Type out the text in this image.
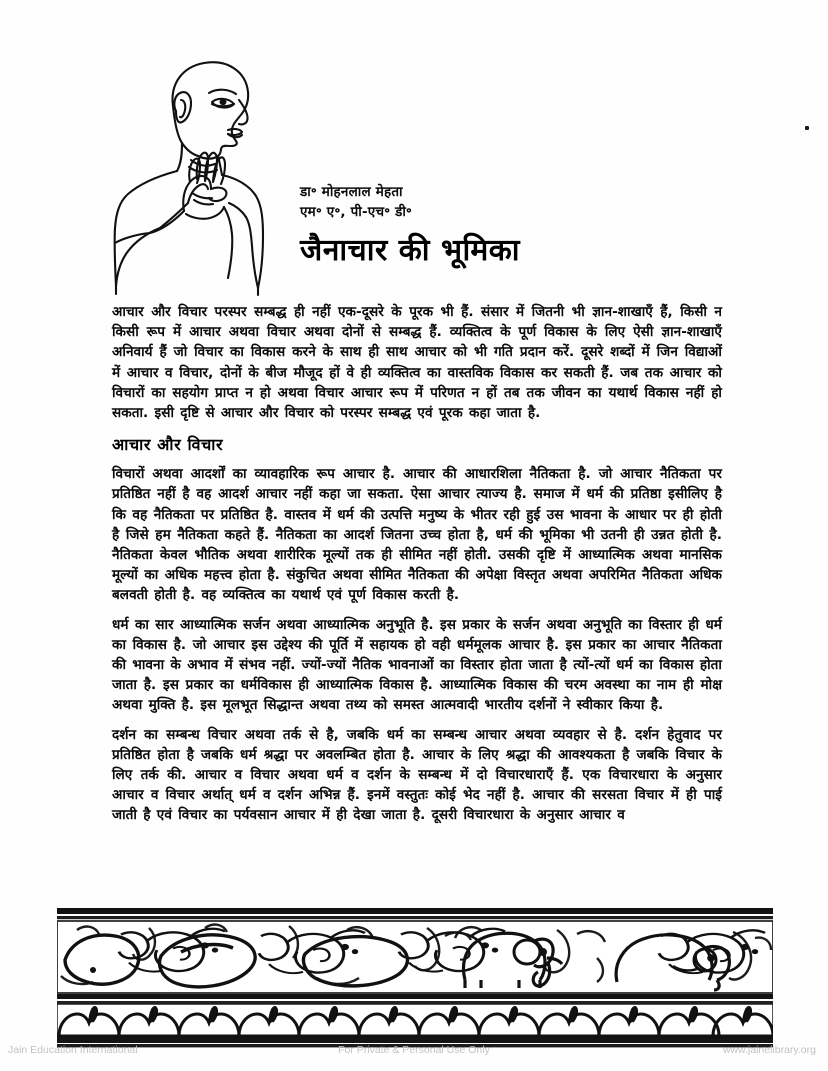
डा॰ मोहनलाल मेहता
एम॰ ए॰, पी-एच॰ डी॰
जैनाचार की भूमिका

आचार और विचार परस्पर सम्बद्ध ही नहीं एक-दूसरे के पूरक भी हैं. संसार में जितनी भी ज्ञान-शाखाएँ हैं, किसी न किसी रूप में आचार अथवा विचार अथवा दोनों से सम्बद्ध हैं. व्यक्तित्व के पूर्ण विकास के लिए ऐसी ज्ञान-शाखाएँ अनिवार्य हैं जो विचार का विकास करने के साथ ही साथ आचार को भी गति प्रदान करें. दूसरे शब्दों में जिन विद्याओं में आचार व विचार, दोनों के बीज मौजूद हों वे ही व्यक्तित्व का वास्तविक विकास कर सकती हैं. जब तक आचार को विचारों का सहयोग प्राप्त न हो अथवा विचार आचार रूप में परिणत न हों तब तक जीवन का यथार्थ विकास नहीं हो सकता. इसी दृष्टि से आचार और विचार को परस्पर सम्बद्ध एवं पूरक कहा जाता है.

आचार और विचार

विचारों अथवा आदर्शों का व्यावहारिक रूप आचार है. आचार की आधारशिला नैतिकता है. जो आचार नैतिकता पर प्रतिष्ठित नहीं है वह आदर्श आचार नहीं कहा जा सकता. ऐसा आचार त्याज्य है. समाज में धर्म की प्रतिष्ठा इसीलिए है कि वह नैतिकता पर प्रतिष्ठित है. वास्तव में धर्म की उत्पत्ति मनुष्य के भीतर रही हुई उस भावना के आधार पर ही होती है जिसे हम नैतिकता कहते हैं. नैतिकता का आदर्श जितना उच्च होता है, धर्म की भूमिका भी उतनी ही उन्नत होती है. नैतिकता केवल भौतिक अथवा शारीरिक मूल्यों तक ही सीमित नहीं होती. उसकी दृष्टि में आध्यात्मिक अथवा मानसिक मूल्यों का अधिक महत्त्व होता है. संकुचित अथवा सीमित नैतिकता की अपेक्षा विस्तृत अथवा अपरिमित नैतिकता अधिक बलवती होती है. वह व्यक्तित्व का यथार्थ एवं पूर्ण विकास करती है.

धर्म का सार आध्यात्मिक सर्जन अथवा आध्यात्मिक अनुभूति है. इस प्रकार के सर्जन अथवा अनुभूति का विस्तार ही धर्म का विकास है. जो आचार इस उद्देश्य की पूर्ति में सहायक हो वही धर्ममूलक आचार है. इस प्रकार का आचार नैतिकता की भावना के अभाव में संभव नहीं. ज्यों-ज्यों नैतिक भावनाओं का विस्तार होता जाता है त्यों-त्यों धर्म का विकास होता जाता है. इस प्रकार का धर्मविकास ही आध्यात्मिक विकास है. आध्यात्मिक विकास की चरम अवस्था का नाम ही मोक्ष अथवा मुक्ति है. इस मूलभूत सिद्धान्त अथवा तथ्य को समस्त आत्मवादी भारतीय दर्शनों ने स्वीकार किया है.

दर्शन का सम्बन्ध विचार अथवा तर्क से है, जबकि धर्म का सम्बन्ध आचार अथवा व्यवहार से है. दर्शन हेतुवाद पर प्रतिष्ठित होता है जबकि धर्म श्रद्धा पर अवलम्बित होता है. आचार के लिए श्रद्धा की आवश्यकता है जबकि विचार के लिए तर्क की. आचार व विचार अथवा धर्म व दर्शन के सम्बन्ध में दो विचारधाराएँ हैं. एक विचारधारा के अनुसार आचार व विचार अर्थात् धर्म व दर्शन अभिन्न हैं. इनमें वस्तुतः कोई भेद नहीं है. आचार की सरसता विचार में ही पाई जाती है एवं विचार का पर्यवसान आचार में ही देखा जाता है. दूसरी विचारधारा के अनुसार आचार व

Jain Education International	For Private & Personal Use Only	www.jainelibrary.org
